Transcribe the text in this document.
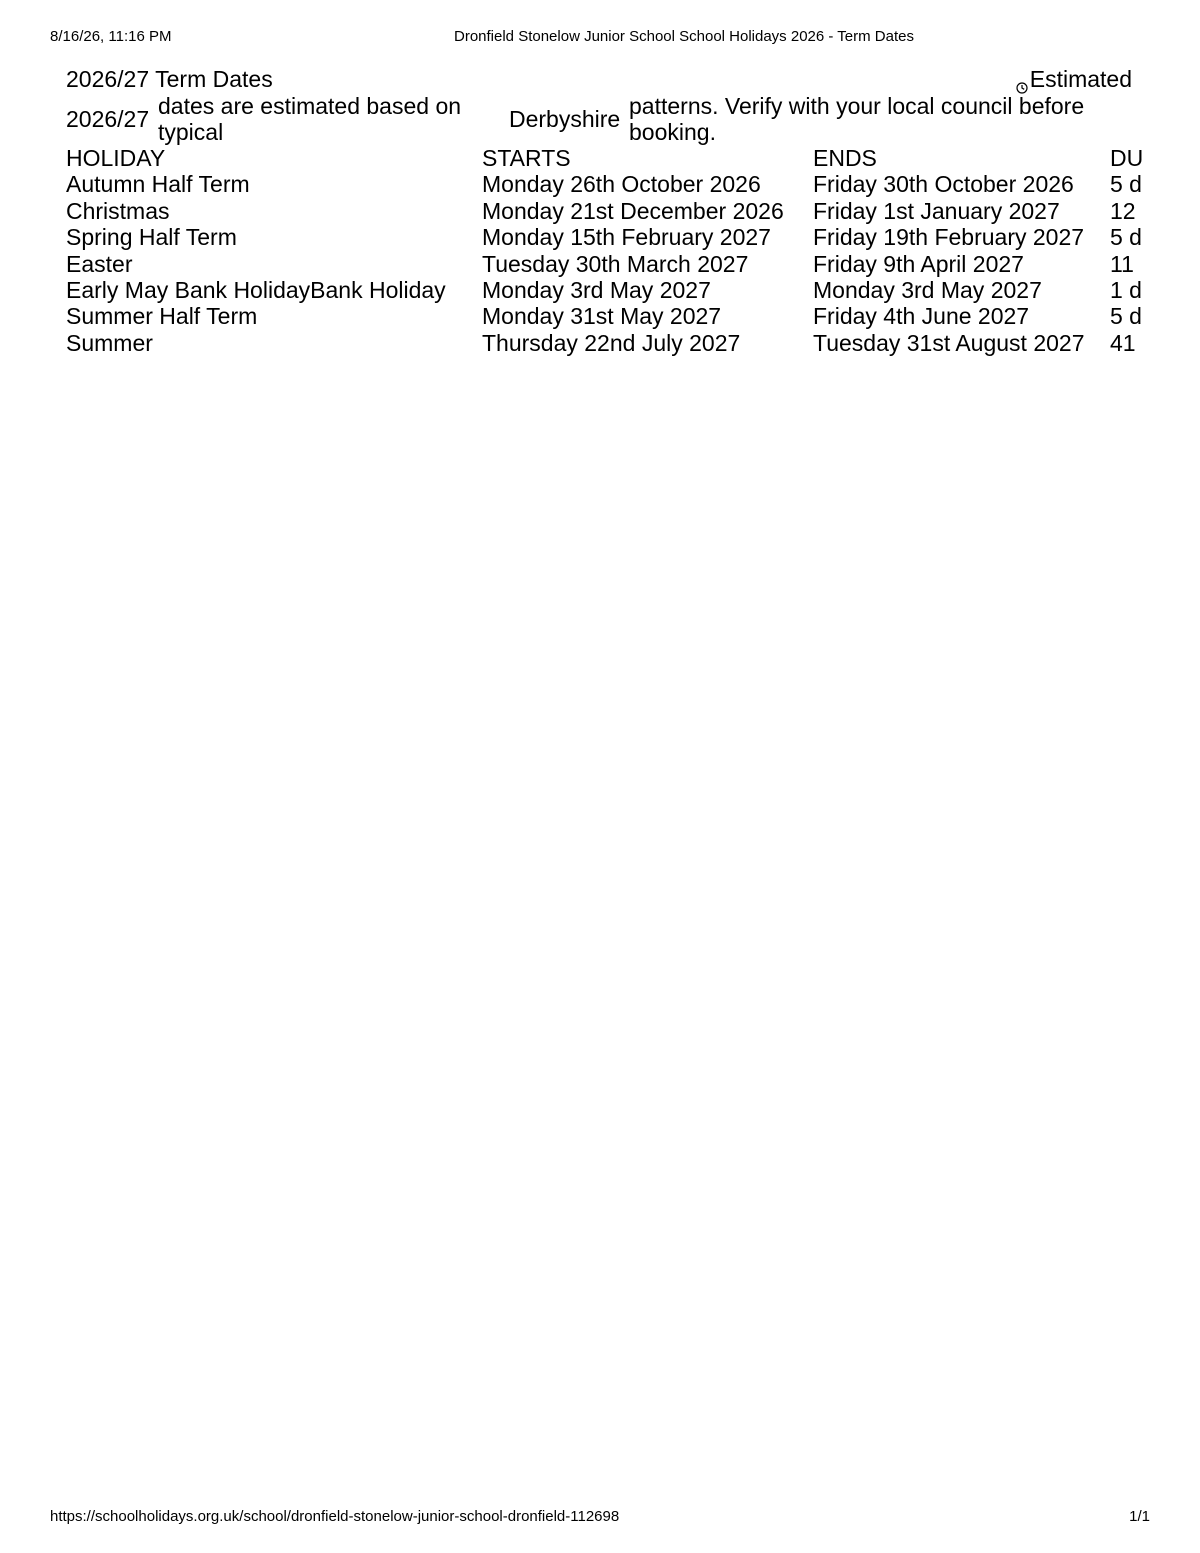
8/16/26, 11:16 PM	Dronfield Stonelow Junior School School Holidays 2026 - Term Dates
2026/27 Term Dates	Estimated
2026/27 dates are estimated based on typical	Derbyshire patterns. Verify with your local council before booking.
HOLIDAY	STARTS	ENDS	DU
Autumn Half Term	Monday 26th October 2026	Friday 30th October 2026	5 d
Christmas	Monday 21st December 2026	Friday 1st January 2027	12
Spring Half Term	Monday 15th February 2027	Friday 19th February 2027	5 d
Easter	Tuesday 30th March 2027	Friday 9th April 2027	11
Early May Bank HolidayBank Holiday	Monday 3rd May 2027	Monday 3rd May 2027	1 d
Summer Half Term	Monday 31st May 2027	Friday 4th June 2027	5 d
Summer	Thursday 22nd July 2027	Tuesday 31st August 2027	41
https://schoolholidays.org.uk/school/dronfield-stonelow-junior-school-dronfield-112698	1/1
